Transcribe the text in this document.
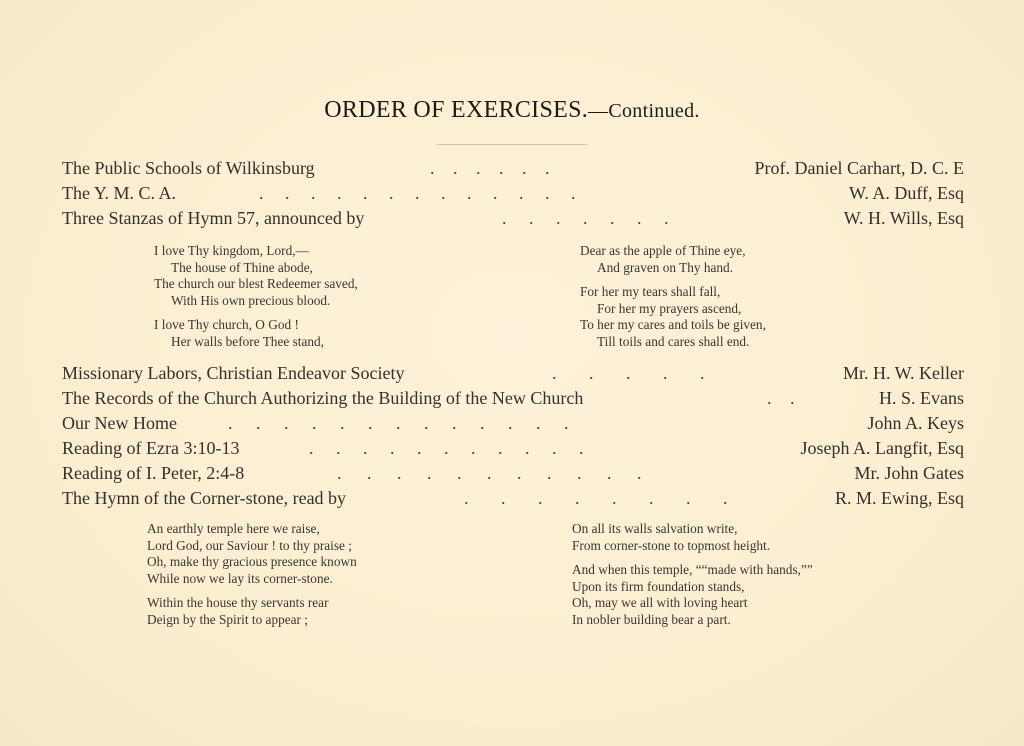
ORDER OF EXERCISES.—Continued.
The Public Schools of Wilkinsburg	. . . . . .	Prof. Daniel Carhart, D. C. E
The Y. M. C. A.	. . . . . . . . . . . . .	W. A. Duff, Esq
Three Stanzas of Hymn 57, announced by	. . . . . . .	W. H. Wills, Esq
I love Thy kingdom, Lord,—
The house of Thine abode,
The church our blest Redeemer saved,
With His own precious blood.
I love Thy church, O God !
Her walls before Thee stand,
Dear as the apple of Thine eye,
And graven on Thy hand.
For her my tears shall fall,
For her my prayers ascend,
To her my cares and toils be given,
Till toils and cares shall end.
Missionary Labors, Christian Endeavor Society	. . . . .	Mr. H. W. Keller
The Records of the Church Authorizing the Building of the New Church	. .	H. S. Evans
Our New Home	. . . . . . . . . . . . .	John A. Keys
Reading of Ezra 3:10-13	. . . . . . . . . . .	Joseph A. Langfit, Esq
Reading of I. Peter, 2:4-8	. . . . . . . . . . .	Mr. John Gates
The Hymn of the Corner-stone, read by	. . . . . . . .	R. M. Ewing, Esq
An earthly temple here we raise,
Lord God, our Saviour ! to thy praise ;
Oh, make thy gracious presence known
While now we lay its corner-stone.
Within the house thy servants rear
Deign by the Spirit to appear ;
On all its walls salvation write,
From corner-stone to topmost height.
And when this temple, ““made with hands,””
Upon its firm foundation stands,
Oh, may we all with loving heart
In nobler building bear a part.
